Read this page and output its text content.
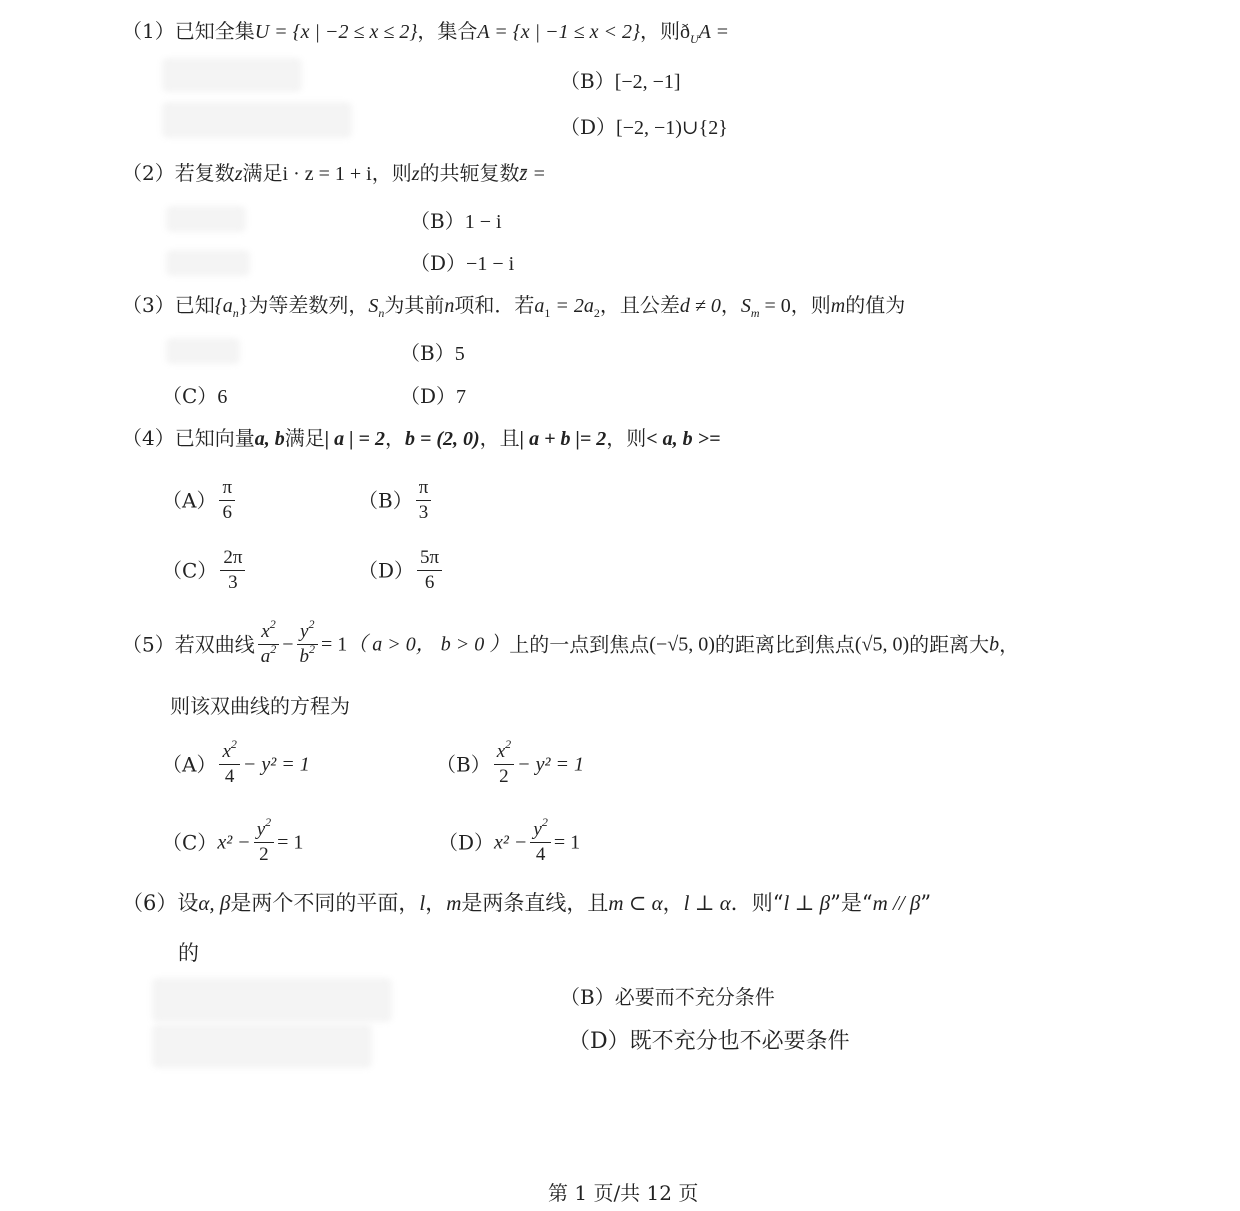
（1）已知全集U = {x | −2 ≤ x ≤ 2}，集合A = {x | −1 ≤ x < 2}，则$ð_UA$ =
（B）[−2, −1]
（D）[−2, −1)∪{2}
（2）若复数z满足i · z = 1 + i，则z的共轭复数z̄ =
（B）1 − i
（D）−1 − i
（3）已知$\{a_n\}$为等差数列，$S_n$为其前n项和．若$a_1 = 2a_2$，且公差d ≠ 0，$S_m = 0$，则m的值为
（B）5
（C）6	（D）7
（4）已知向量a, b满足| a | = 2，b = (2, 0)，且| a + b |= 2，则< a, b >=
$(A) \frac{\pi}{6}$	$(B) \frac{\pi}{3}$
$(C) \frac{2\pi}{3}$	$(D) \frac{5\pi}{6}$
（5）若双曲线 $\frac{x^2}{a^2} - \frac{y^2}{b^2} = 1$（ a > 0， b > 0 ）上的一点到焦点(−√5, 0)的距离比到焦点(√5, 0)的距离大b，
则该双曲线的方程为
$(A) \frac{x^2}{4} - y^2 = 1$	$(B) \frac{x^2}{2} - y^2 = 1$
$(C)x^2 - \frac{y^2}{2} = 1$	$(D)x^2 - \frac{y^2}{4} = 1$
（6）设α, β是两个不同的平面，l，m是两条直线，且m ⊂ α，l ⊥ α．则“l ⊥ β”是“m // β”
的
（B）必要而不充分条件
（D）既不充分也不必要条件
第 1 页/共 12 页
